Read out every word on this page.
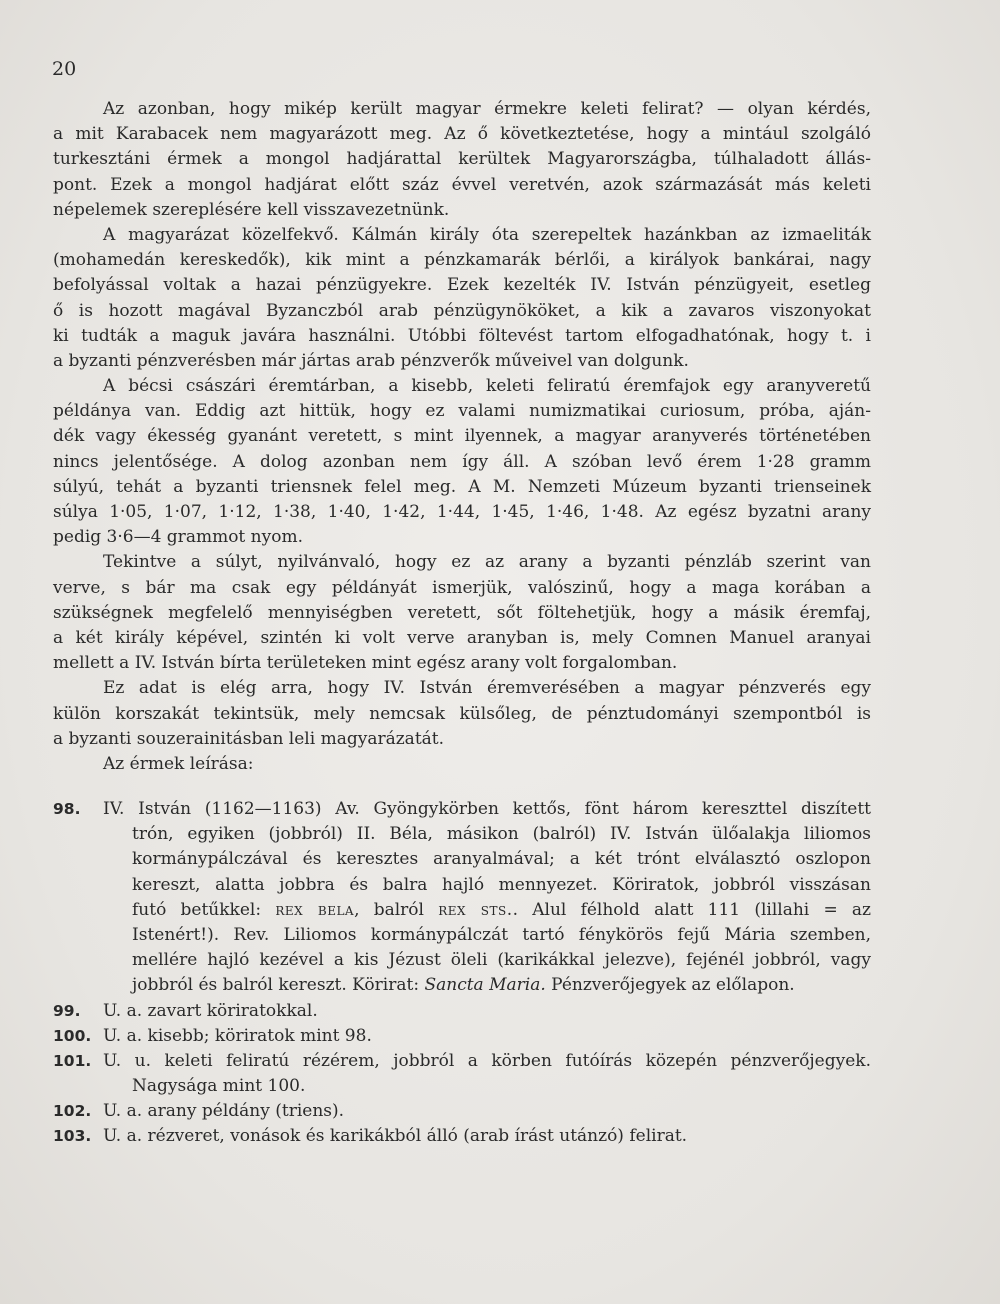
20
Az azonban, hogy mikép került magyar érmekre keleti felirat? — olyan kérdés,
a mit Karabacek nem magyarázott meg. Az ő következtetése, hogy a mintául szolgáló
turkesztáni érmek a mongol hadjárattal kerültek Magyarországba, túlhaladott állás-
pont. Ezek a mongol hadjárat előtt száz évvel veretvén, azok származását más keleti
népelemek szereplésére kell visszavezetnünk.
A magyarázat közelfekvő. Kálmán király óta szerepeltek hazánkban az izmaeliták
(mohamedán kereskedők), kik mint a pénzkamarák bérlői, a királyok bankárai, nagy
befolyással voltak a hazai pénzügyekre. Ezek kezelték IV. István pénzügyeit, esetleg
ő is hozott magával Byzanczból arab pénzügynököket, a kik a zavaros viszonyokat
ki tudták a maguk javára használni. Utóbbi föltevést tartom elfogadhatónak, hogy t. i
a byzanti pénzverésben már jártas arab pénzverők műveivel van dolgunk.
A bécsi császári éremtárban, a kisebb, keleti feliratú éremfajok egy aranyveretű
példánya van. Eddig azt hittük, hogy ez valami numizmatikai curiosum, próba, aján-
dék vagy ékesség gyanánt veretett, s mint ilyennek, a magyar aranyverés történetében
nincs jelentősége. A dolog azonban nem így áll. A szóban levő érem 1·28 gramm
súlyú, tehát a byzanti triensnek felel meg. A M. Nemzeti Múzeum byzanti trienseinek
súlya 1·05, 1·07, 1·12, 1·38, 1·40, 1·42, 1·44, 1·45, 1·46, 1·48. Az egész byzatni arany
pedig 3·6—4 grammot nyom.
Tekintve a súlyt, nyilvánvaló, hogy ez az arany a byzanti pénzláb szerint van
verve, s bár ma csak egy példányát ismerjük, valószinű, hogy a maga korában a
szükségnek megfelelő mennyiségben veretett, sőt föltehetjük, hogy a másik éremfaj,
a két király képével, szintén ki volt verve aranyban is, mely Comnen Manuel aranyai
mellett a IV. István bírta területeken mint egész arany volt forgalomban.
Ez adat is elég arra, hogy IV. István éremverésében a magyar pénzverés egy
külön korszakát tekintsük, mely nemcsak külsőleg, de pénztudományi szempontból is
a byzanti souzerainitásban leli magyarázatát.
Az érmek leírása:
98. IV. István (1162—1163) Av. Gyöngykörben kettős, fönt három kereszttel diszített
trón, egyiken (jobbról) II. Béla, másikon (balról) IV. István ülőalakja liliomos
kormánypálczával és keresztes aranyalmával; a két trónt elválasztó oszlopon
kereszt, alatta jobbra és balra hajló mennyezet. Köriratok, jobbról visszásan
futó betűkkel: rex bela, balról rex sts.. Alul félhold alatt 111 (lillahi = az
Istenért!). Rev. Liliomos kormánypálczát tartó fénykörös fejű Mária szemben,
mellére hajló kezével a kis Jézust öleli (karikákkal jelezve), fejénél jobbról, vagy
jobbról és balról kereszt. Körirat: Sancta Maria. Pénzverőjegyek az előlapon.
99. U. a. zavart köriratokkal.
100. U. a. kisebb; köriratok mint 98.
101. U. u. keleti feliratú rézérem, jobbról a körben futóírás közepén pénzverőjegyek.
Nagysága mint 100.
102. U. a. arany példány (triens).
103. U. a. rézveret, vonások és karikákból álló (arab írást utánzó) felirat.
